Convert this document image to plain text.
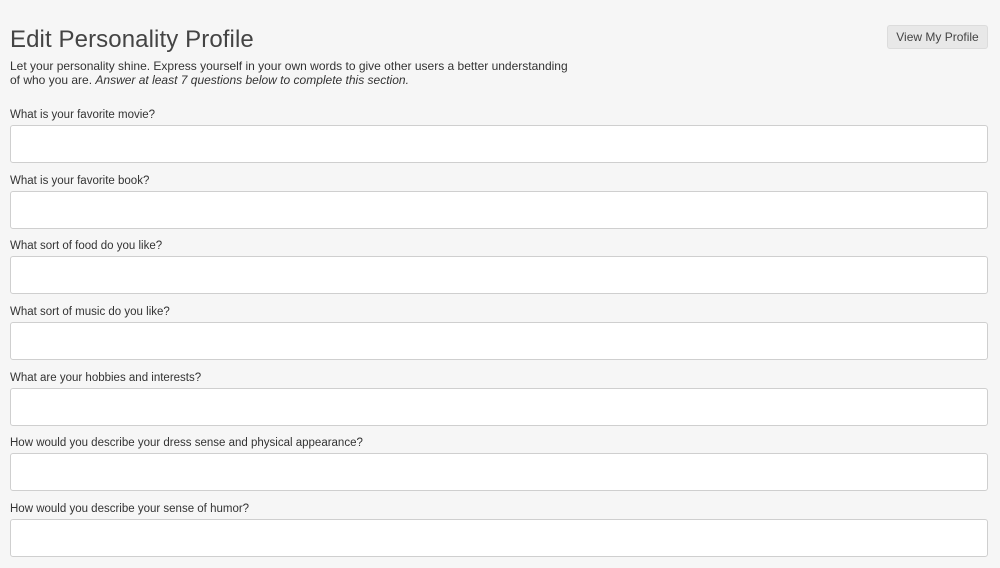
Edit Personality Profile	View My Profile

Let your personality shine. Express yourself in your own words to give other users a better understanding of who you are. Answer at least 7 questions below to complete this section.

What is your favorite movie?
What is your favorite book?
What sort of food do you like?
What sort of music do you like?
What are your hobbies and interests?
How would you describe your dress sense and physical appearance?
How would you describe your sense of humor?
